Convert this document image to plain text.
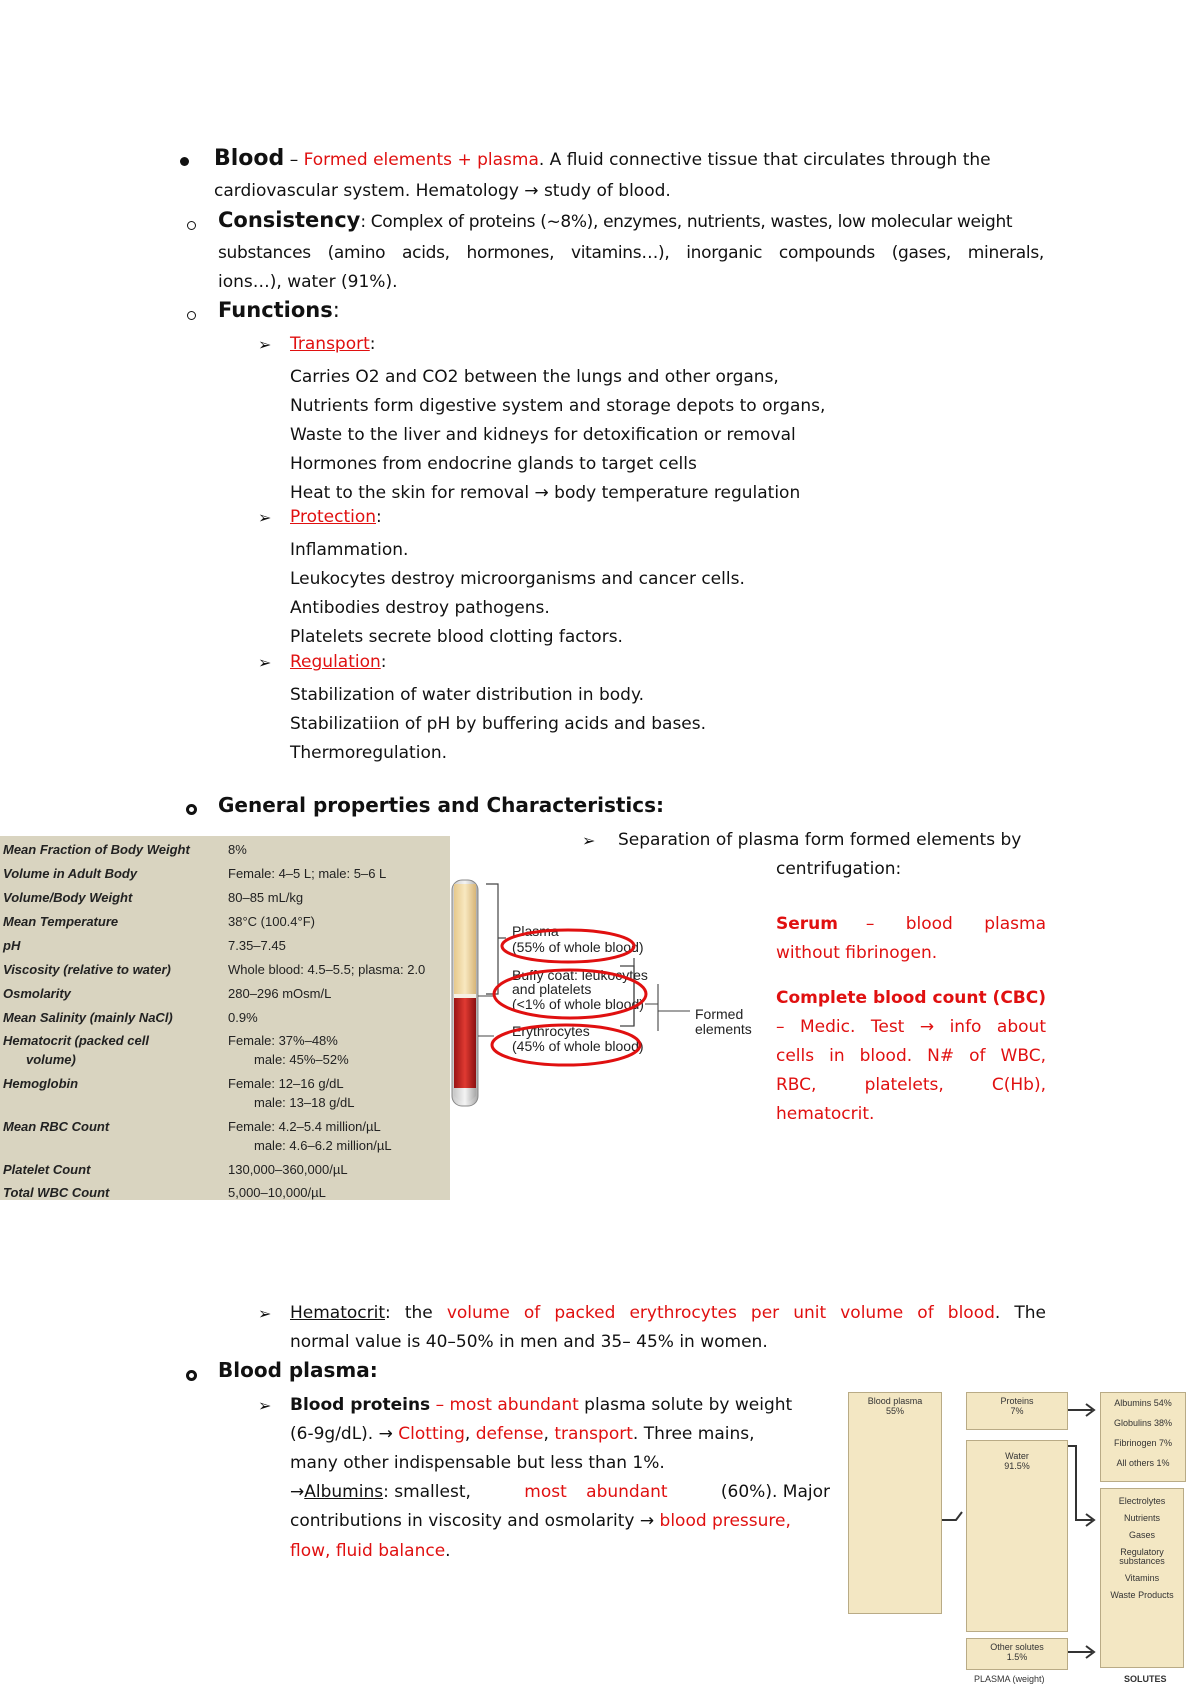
Blood – Formed elements + plasma. A fluid connective tissue that circulates through the
cardiovascular system. Hematology → study of blood.
Consistency: Complex of proteins (~8%), enzymes, nutrients, wastes, low molecular weight
substances (amino acids, hormones, vitamins…), inorganic compounds (gases, minerals,
ions…), water (91%).
Functions:
➢ Transport:
Carries O2 and CO2 between the lungs and other organs,
Nutrients form digestive system and storage depots to organs,
Waste to the liver and kidneys for detoxification or removal
Hormones from endocrine glands to target cells
Heat to the skin for removal → body temperature regulation
➢ Protection:
Inflammation.
Leukocytes destroy microorganisms and cancer cells.
Antibodies destroy pathogens.
Platelets secrete blood clotting factors.
➢ Regulation:
Stabilization of water distribution in body.
Stabilizatiion of pH by buffering acids and bases.
Thermoregulation.
General properties and Characteristics:
Mean Fraction of Body Weight	8%
Volume in Adult Body	Female: 4–5 L; male: 5–6 L
Volume/Body Weight	80–85 mL/kg
Mean Temperature	38°C (100.4°F)
pH	7.35–7.45
Viscosity (relative to water)	Whole blood: 4.5–5.5; plasma: 2.0
Osmolarity	280–296 mOsm/L
Mean Salinity (mainly NaCl)	0.9%
Hematocrit (packed cell	Female: 37%–48%
volume)	male: 45%–52%
Hemoglobin	Female: 12–16 g/dL
male: 13–18 g/dL
Mean RBC Count	Female: 4.2–5.4 million/µL
male: 4.6–6.2 million/µL
Platelet Count	130,000–360,000/µL
Total WBC Count	5,000–10,000/µL
Plasma
(55% of whole blood)
Buffy coat: leukocytes
and platelets
(<1% of whole blood)
Erythrocytes
(45% of whole blood)
Formed
elements
➢ Separation of plasma form formed elements by
centrifugation:
Serum – blood plasma
without fibrinogen.
Complete blood count (CBC)
– Medic. Test → info about
cells in blood. N# of WBC,
RBC, platelets, C(Hb),
hematocrit.
➢ Hematocrit: the volume of packed erythrocytes per unit volume of blood. The
normal value is 40–50% in men and 35– 45% in women.
Blood plasma:
➢ Blood proteins – most abundant plasma solute by weight
(6-9g/dL). → Clotting, defense, transport. Three mains,
many other indispensable but less than 1%.
→Albumins: smallest,	most abundant	(60%). Major
contributions in viscosity and osmolarity → blood pressure,
flow, fluid balance.
Blood plasma
55%
Proteins
7%
Water
91.5%
Other solutes
1.5%
Albumins 54%
Globulins 38%
Fibrinogen 7%
All others 1%
Electrolytes
Nutrients
Gases
Regulatory
substances
Vitamins
Waste Products
PLASMA (weight)	SOLUTES
